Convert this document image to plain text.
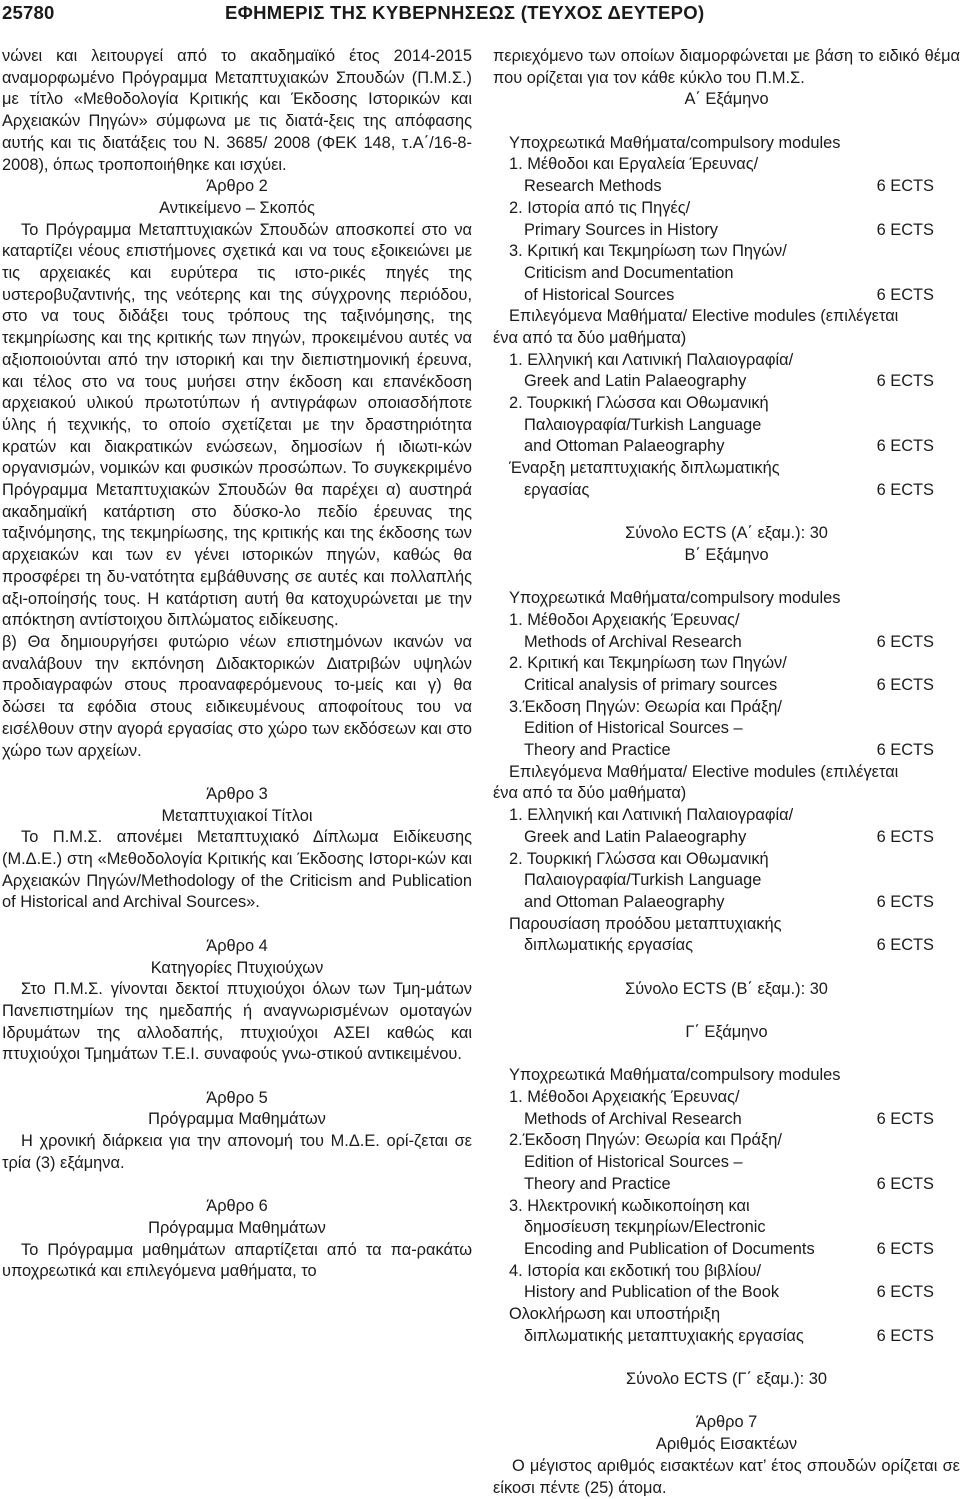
25780	ΕΦΗΜΕΡΙΣ ΤΗΣ ΚΥΒΕΡΝΗΣΕΩΣ (ΤΕΥΧΟΣ ΔΕΥΤΕΡΟ)

νώνει και λειτουργεί από το ακαδημαϊκό έτος 2014-2015 αναμορφωμένο Πρόγραμμα Μεταπτυχιακών Σπουδών (Π.Μ.Σ.) με τίτλο «Μεθοδολογία Κριτικής και Έκδοσης Ιστορικών και Αρχειακών Πηγών» σύμφωνα με τις διατά-ξεις της απόφασης αυτής και τις διατάξεις του Ν. 3685/ 2008 (ΦΕΚ 148, τ.Α΄/16-8-2008), όπως τροποποιήθηκε και ισχύει.

Άρθρο 2

Αντικείμενο – Σκοπός

Το Πρόγραμμα Μεταπτυχιακών Σπουδών αποσκοπεί στο να καταρτίζει νέους επιστήμονες σχετικά και να τους εξοικειώνει με τις αρχειακές και ευρύτερα τις ιστο-ρικές πηγές της υστεροβυζαντινής, της νεότερης και της σύγχρονης περιόδου, στο να τους διδάξει τους τρόπους της ταξινόμησης, της τεκμηρίωσης και της κριτικής των πηγών, προκειμένου αυτές να αξιοποιούνται από την ιστορική και την διεπιστημονική έρευνα, και τέλος στο να τους μυήσει στην έκδοση και επανέκδοση αρχειακού υλικού πρωτοτύπων ή αντιγράφων οποιασδήποτε ύλης ή τεχνικής, το οποίο σχετίζεται με την δραστηριότητα κρατών και διακρατικών ενώσεων, δημοσίων ή ιδιωτι-κών οργανισμών, νομικών και φυσικών προσώπων. Το συγκεκριμένο Πρόγραμμα Μεταπτυχιακών Σπουδών θα παρέχει α) αυστηρά ακαδημαϊκή κατάρτιση στο δύσκο-λο πεδίο έρευνας της ταξινόμησης, της τεκμηρίωσης, της κριτικής και της έκδοσης των αρχειακών και των εν γένει ιστορικών πηγών, καθώς θα προσφέρει τη δυ-νατότητα εμβάθυνσης σε αυτές και πολλαπλής αξι-οποίησής τους. Η κατάρτιση αυτή θα κατοχυρώνεται με την απόκτηση αντίστοιχου διπλώματος ειδίκευσης.

β) Θα δημιουργήσει φυτώριο νέων επιστημόνων ικανών να αναλάβουν την εκπόνηση Διδακτορικών Διατριβών υψηλών προδιαγραφών στους προαναφερόμενους το-μείς και γ) θα δώσει τα εφόδια στους ειδικευμένους αποφοίτους του να εισέλθουν στην αγορά εργασίας στο χώρο των εκδόσεων και στο χώρο των αρχείων.

Άρθρο 3

Μεταπτυχιακοί Τίτλοι

Το Π.Μ.Σ. απονέμει Μεταπτυχιακό Δίπλωμα Ειδίκευσης (Μ.Δ.Ε.) στη «Μεθοδολογία Κριτικής και Έκδοσης Ιστορι-κών και Αρχειακών Πηγών/Methodology of the Criticism and Publication of Historical and Archival Sources».

Άρθρο 4

Κατηγορίες Πτυχιούχων

Στο Π.Μ.Σ. γίνονται δεκτοί πτυχιούχοι όλων των Τμη-μάτων Πανεπιστημίων της ημεδαπής ή αναγνωρισμένων ομοταγών Ιδρυμάτων της αλλοδαπής, πτυχιούχοι ΑΣΕΙ καθώς και πτυχιούχοι Τμημάτων Τ.Ε.Ι. συναφούς γνω-στικού αντικειμένου.

Άρθρο 5

Πρόγραμμα Μαθημάτων

Η χρονική διάρκεια για την απονομή του Μ.Δ.Ε. ορί-ζεται σε τρία (3) εξάμηνα.

Άρθρο 6

Πρόγραμμα Μαθημάτων

Το Πρόγραμμα μαθημάτων απαρτίζεται από τα πα-ρακάτω υποχρεωτικά και επιλεγόμενα μαθήματα, το

περιεχόμενο των οποίων διαμορφώνεται με βάση το ειδικό θέμα που ορίζεται για τον κάθε κύκλο του Π.Μ.Σ.

Α΄ Εξάμηνο

Υποχρεωτικά Μαθήματα/compulsory modules
1. Μέθοδοι και Εργαλεία Έρευνας/
Research Methods	6 ECTS
2. Ιστορία από τις Πηγές/
Primary Sources in History	6 ECTS
3. Κριτική και Τεκμηρίωση των Πηγών/
Criticism and Documentation
of Historical Sources	6 ECTS
Επιλεγόμενα Μαθήματα/ Elective modules (επιλέγεται
ένα από τα δύο μαθήματα)
1. Ελληνική και Λατινική Παλαιογραφία/
Greek and Latin Palaeography	6 ECTS
2. Τουρκική Γλώσσα και Οθωμανική
Παλαιογραφία/Turkish Language
and Ottoman Palaeography	6 ECTS
Έναρξη μεταπτυχιακής διπλωματικής
εργασίας	6 ECTS

Σύνολο ECTS (Α΄ εξαμ.): 30

Β΄ Εξάμηνο

Υποχρεωτικά Μαθήματα/compulsory modules
1. Μέθοδοι Αρχειακής Έρευνας/
Methods of Archival Research	6 ECTS
2. Κριτική και Τεκμηρίωση των Πηγών/
Critical analysis of primary sources	6 ECTS
3.Έκδοση Πηγών: Θεωρία και Πράξη/
Edition of Historical Sources –
Theory and Practice	6 ECTS
Επιλεγόμενα Μαθήματα/ Elective modules (επιλέγεται
ένα από τα δύο μαθήματα)
1. Ελληνική και Λατινική Παλαιογραφία/
Greek and Latin Palaeography	6 ECTS
2. Τουρκική Γλώσσα και Οθωμανική
Παλαιογραφία/Turkish Language
and Ottoman Palaeography	6 ECTS
Παρουσίαση προόδου μεταπτυχιακής
διπλωματικής εργασίας	6 ECTS

Σύνολο ECTS (Β΄ εξαμ.): 30

Γ΄ Εξάμηνο

Υποχρεωτικά Μαθήματα/compulsory modules
1. Μέθοδοι Αρχειακής Έρευνας/
Methods of Archival Research	6 ECTS
2.Έκδοση Πηγών: Θεωρία και Πράξη/
Edition of Historical Sources –
Theory and Practice	6 ECTS
3. Ηλεκτρονική κωδικοποίηση και
δημοσίευση τεκμηρίων/Electronic
Encoding and Publication of Documents	6 ECTS
4. Ιστορία και εκδοτική του βιβλίου/
History and Publication of the Book	6 ECTS
Ολοκλήρωση και υποστήριξη
διπλωματικής μεταπτυχιακής εργασίας	6 ECTS

Σύνολο ECTS (Γ΄ εξαμ.): 30

Άρθρο 7

Αριθμός Εισακτέων

Ο μέγιστος αριθμός εισακτέων κατ’ έτος σπουδών ορίζεται σε είκοσι πέντε (25) άτομα.
